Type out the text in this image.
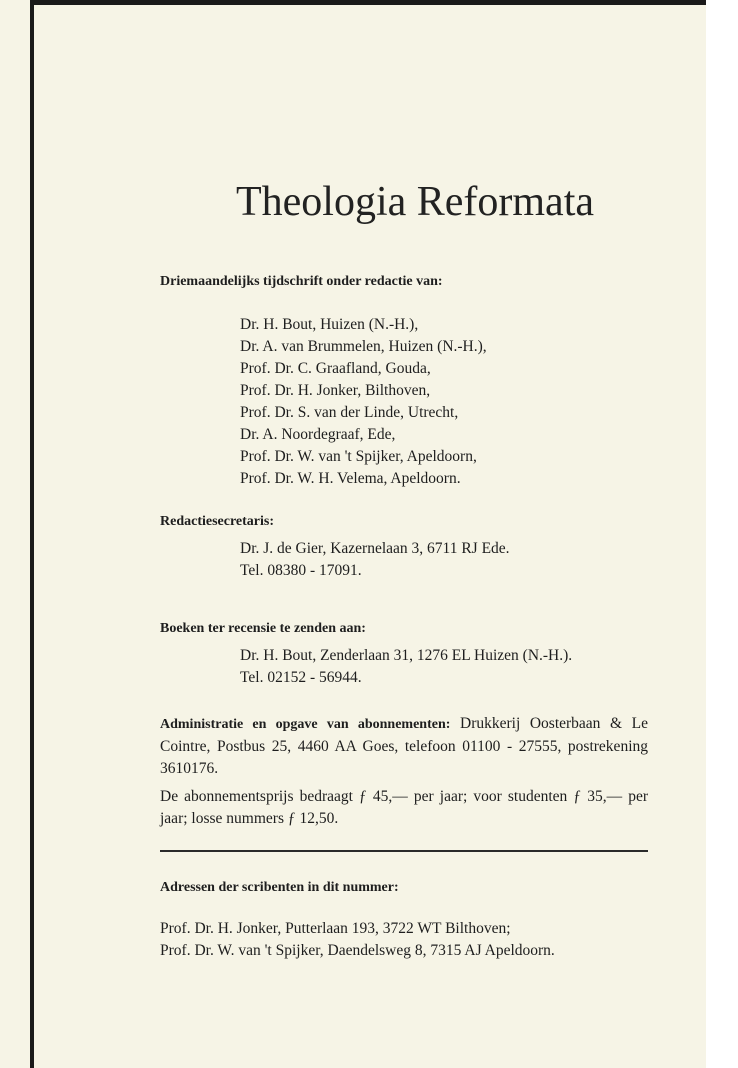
Theologia Reformata
Driemaandelijks tijdschrift onder redactie van:
Dr. H. Bout, Huizen (N.-H.),
Dr. A. van Brummelen, Huizen (N.-H.),
Prof. Dr. C. Graafland, Gouda,
Prof. Dr. H. Jonker, Bilthoven,
Prof. Dr. S. van der Linde, Utrecht,
Dr. A. Noordegraaf, Ede,
Prof. Dr. W. van 't Spijker, Apeldoorn,
Prof. Dr. W. H. Velema, Apeldoorn.
Redactiesecretaris:
Dr. J. de Gier, Kazernelaan 3, 6711 RJ Ede.
Tel. 08380 - 17091.
Boeken ter recensie te zenden aan:
Dr. H. Bout, Zenderlaan 31, 1276 EL Huizen (N.-H.).
Tel. 02152 - 56944.
Administratie en opgave van abonnementen: Drukkerij Oosterbaan & Le Cointre, Postbus 25, 4460 AA Goes, telefoon 01100 - 27555, postrekening 3610176.
De abonnementsprijs bedraagt ƒ 45,— per jaar; voor studenten ƒ 35,— per jaar; losse nummers ƒ 12,50.
Adressen der scribenten in dit nummer:
Prof. Dr. H. Jonker, Putterlaan 193, 3722 WT Bilthoven;
Prof. Dr. W. van 't Spijker, Daendelsweg 8, 7315 AJ Apeldoorn.
